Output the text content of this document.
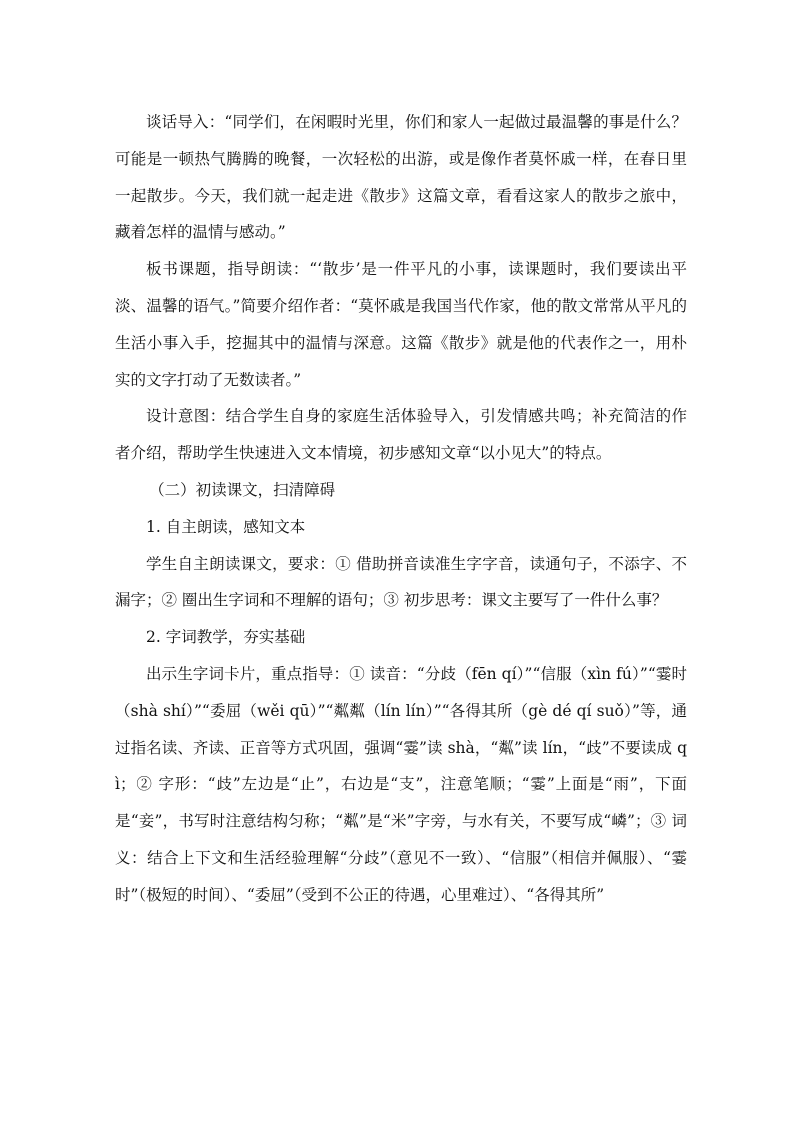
谈话导入：“同学们，在闲暇时光里，你们和家人一起做过最温馨的事是什么？可能是一顿热气腾腾的晚餐，一次轻松的出游，或是像作者莫怀戚一样，在春日里一起散步。今天，我们就一起走进《散步》这篇文章，看看这家人的散步之旅中，藏着怎样的温情与感动。”

板书课题，指导朗读：“‘散步’是一件平凡的小事，读课题时，我们要读出平淡、温馨的语气。”简要介绍作者：“莫怀戚是我国当代作家，他的散文常常从平凡的生活小事入手，挖掘其中的温情与深意。这篇《散步》就是他的代表作之一，用朴实的文字打动了无数读者。”

设计意图：结合学生自身的家庭生活体验导入，引发情感共鸣；补充简洁的作者介绍，帮助学生快速进入文本情境，初步感知文章“以小见大”的特点。

（二）初读课文，扫清障碍

1. 自主朗读，感知文本

学生自主朗读课文，要求：① 借助拼音读准生字字音，读通句子，不添字、不漏字；② 圈出生字词和不理解的语句；③ 初步思考：课文主要写了一件什么事？

2. 字词教学，夯实基础

出示生字词卡片，重点指导：① 读音：“分歧（fēn qí）”“信服（xìn fú）”“霎时（shà shí）”“委屈（wěi qū）”“粼粼（lín lín）”“各得其所（gè dé qí suǒ）”等，通过指名读、齐读、正音等方式巩固，强调“霎”读 shà，“粼”读 lín，“歧”不要读成 qì；② 字形：“歧”左边是“止”，右边是“支”，注意笔顺；“霎”上面是“雨”，下面是“妾”，书写时注意结构匀称；“粼”是“米”字旁，与水有关，不要写成“嶙”；③ 词义：结合上下文和生活经验理解“分歧”（意见不一致）、“信服”（相信并佩服）、“霎时”（极短的时间）、“委屈”（受到不公正的待遇，心里难过）、“各得其所”
